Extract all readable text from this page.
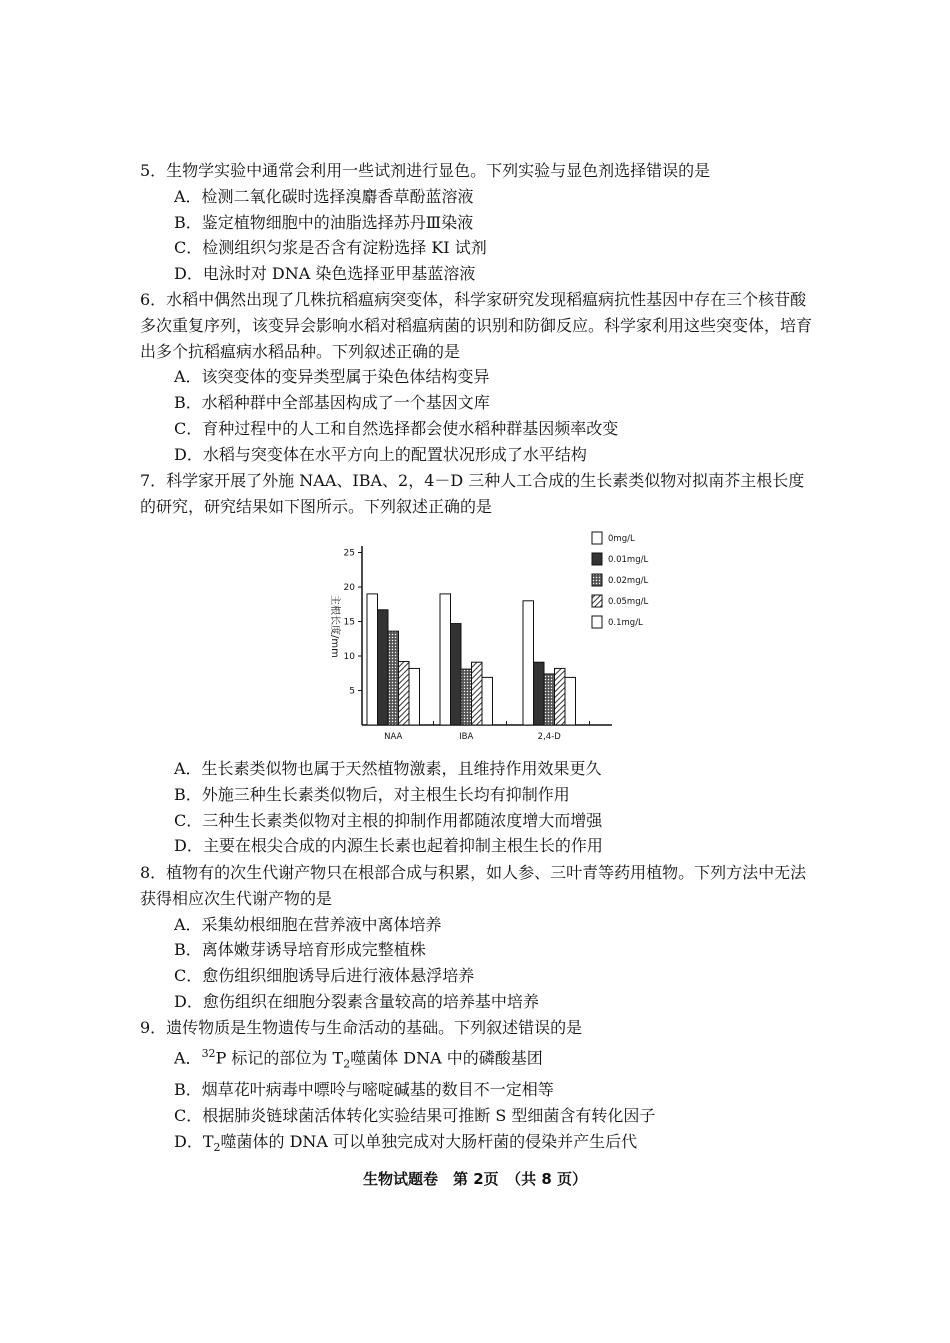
5．生物学实验中通常会利用一些试剂进行显色。下列实验与显色剂选择错误的是
A．检测二氧化碳时选择溴麝香草酚蓝溶液
B．鉴定植物细胞中的油脂选择苏丹Ⅲ染液
C．检测组织匀浆是否含有淀粉选择 KI 试剂
D．电泳时对 DNA 染色选择亚甲基蓝溶液
6．水稻中偶然出现了几株抗稻瘟病突变体，科学家研究发现稻瘟病抗性基因中存在三个核苷酸多次重复序列，该变异会影响水稻对稻瘟病菌的识别和防御反应。科学家利用这些突变体，培育出多个抗稻瘟病水稻品种。下列叙述正确的是
A．该突变体的变异类型属于染色体结构变异
B．水稻种群中全部基因构成了一个基因文库
C．育种过程中的人工和自然选择都会使水稻种群基因频率改变
D．水稻与突变体在水平方向上的配置状况形成了水平结构
7．科学家开展了外施 NAA、IBA、2，4－D 三种人工合成的生长素类似物对拟南芥主根长度的研究，研究结果如下图所示。下列叙述正确的是
5
10
15
20
25
主根长度/mm
NAA	IBA	2,4-D
0mg/L
0.01mg/L
0.02mg/L
0.05mg/L
0.1mg/L
A．生长素类似物也属于天然植物激素，且维持作用效果更久
B．外施三种生长素类似物后，对主根生长均有抑制作用
C．三种生长素类似物对主根的抑制作用都随浓度增大而增强
D．主要在根尖合成的内源生长素也起着抑制主根生长的作用
8．植物有的次生代谢产物只在根部合成与积累，如人参、三叶青等药用植物。下列方法中无法获得相应次生代谢产物的是
A．采集幼根细胞在营养液中离体培养
B．离体嫩芽诱导培育形成完整植株
C．愈伤组织细胞诱导后进行液体悬浮培养
D．愈伤组织在细胞分裂素含量较高的培养基中培养
9．遗传物质是生物遗传与生命活动的基础。下列叙述错误的是
A．$^{32}$P 标记的部位为 $T_2$噬菌体 DNA 中的磷酸基团
B．烟草花叶病毒中嘌呤与嘧啶碱基的数目不一定相等
C．根据肺炎链球菌活体转化实验结果可推断 S 型细菌含有转化因子
D．$T_2$噬菌体的 DNA 可以单独完成对大肠杆菌的侵染并产生后代
生物试题卷　第 2页　（共 8 页）
